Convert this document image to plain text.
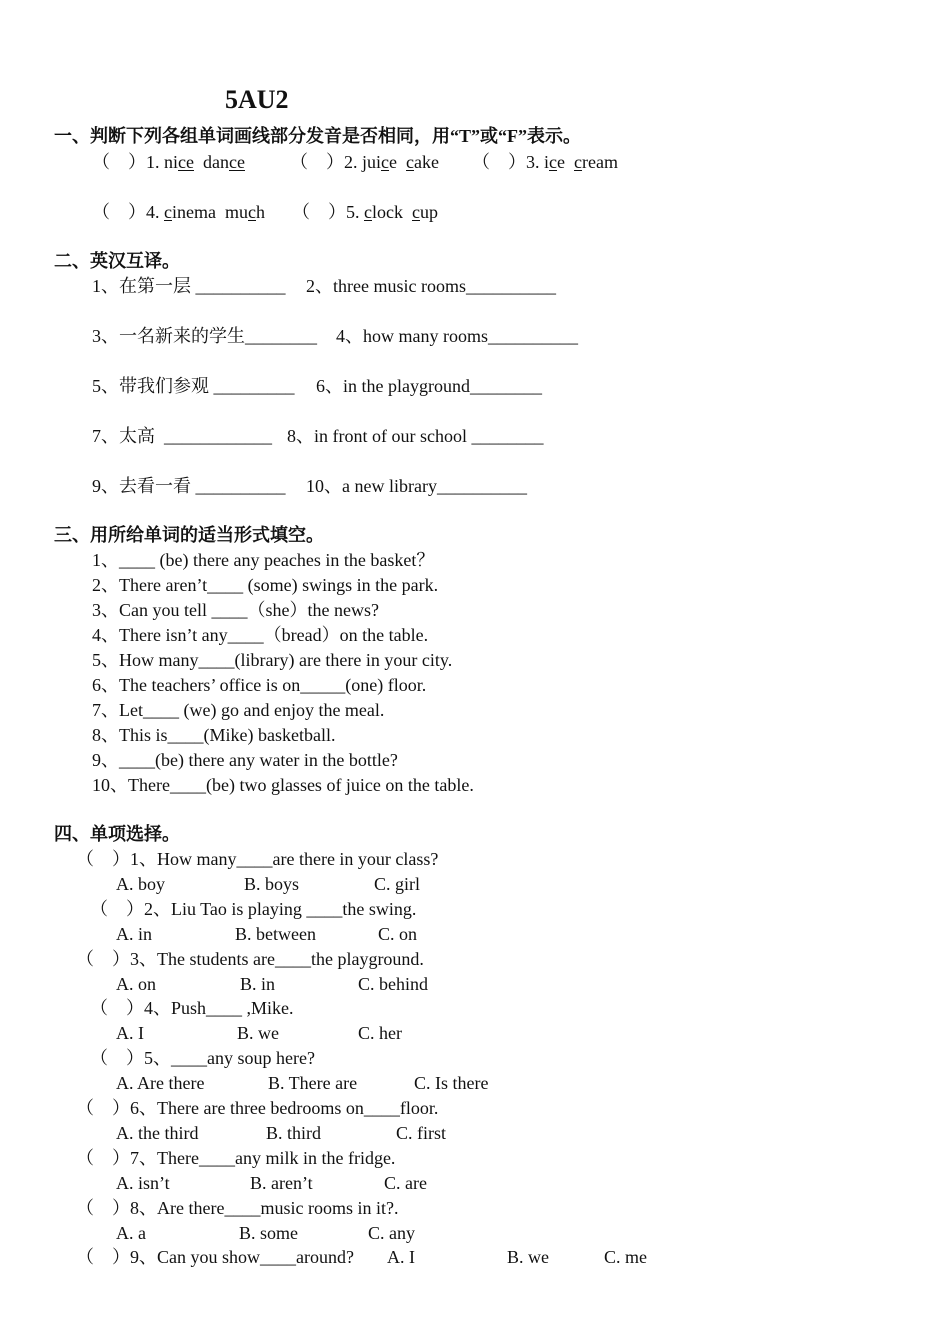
5AU2
一、判断下列各组单词画线部分发音是否相同，用“T”或“F”表示。
（    ）1. nice dance	（    ）2. juice cake （    ）3. ice cream
（    ）4. cinema much （    ）5. clock cup
二、英汉互译。
1、在第一层 __________ 2、three music rooms__________
3、一名新来的学生________ 4、how many rooms__________
5、带我们参观 _________ 6、in the playground________
7、太高  ____________ 8、in front of our school ________
9、去看一看 __________ 10、a new library__________
三、用所给单词的适当形式填空。
1、____ (be) there any peaches in the basket？
2、There aren’t____ (some) swings in the park.
3、Can you tell ____（she）the news?
4、There isn’t any____（bread）on the table.
5、How many____(library) are there in your city.
6、The teachers’ office is on_____(one) floor.
7、Let____ (we) go and enjoy the meal.
8、This is____(Mike) basketball.
9、____(be) there any water in the bottle?
10、There____(be) two glasses of juice on the table.
四、单项选择。
（    ）1、How many____are there in your class?
A. boy	B. boys	C. girl
（    ）2、Liu Tao is playing ____the swing.
A. in	B. between	C. on
（    ）3、The students are____the playground.
A. on	B. in	C. behind
（    ）4、Push____ ,Mike.
A. I	B. we	C. her
（    ）5、____any soup here?
A. Are there	B. There are	C. Is there
（    ）6、There are three bedrooms on____floor.
A. the third	B. third	C. first
（    ）7、There____any milk in the fridge.
A. isn’t	B. aren’t	C. are
（    ）8、Are there____music rooms in it?.
A. a	B. some	C. any
（    ）9、Can you show____around? A. I	B. we	C. me
